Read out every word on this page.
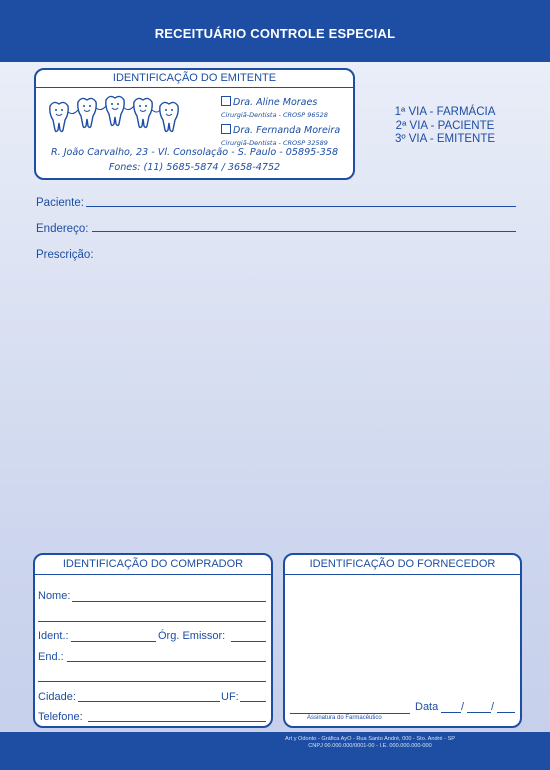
RECEITUÁRIO CONTROLE ESPECIAL
IDENTIFICAÇÃO DO EMITENTE
Dra. Aline Moraes
Cirurgiã-Dentista - CROSP 96528
Dra. Fernanda Moreira
Cirurgiã-Dentista - CROSP 32589
R. João Carvalho, 23 - Vl. Consolação - S. Paulo - 05895-358
Fones: (11) 5685-5874 / 3658-4752
1ª VIA - FARMÁCIA
2ª VIA - PACIENTE
3º VIA - EMITENTE
Paciente:
Endereço:
Prescrição:
IDENTIFICAÇÃO DO COMPRADOR
Nome:
Ident.:	Órg. Emissor:
End.:
Cidade:	UF:
Telefone:
IDENTIFICAÇÃO DO FORNECEDOR
Assinatura do Farmacêutico
Data / /
Art y Odonto - Gráfica AyO - Rua Santo André, 000 - Sto. André - SP
CNPJ 00.000.000/0001-00 - I.E. 000.000.000-000
